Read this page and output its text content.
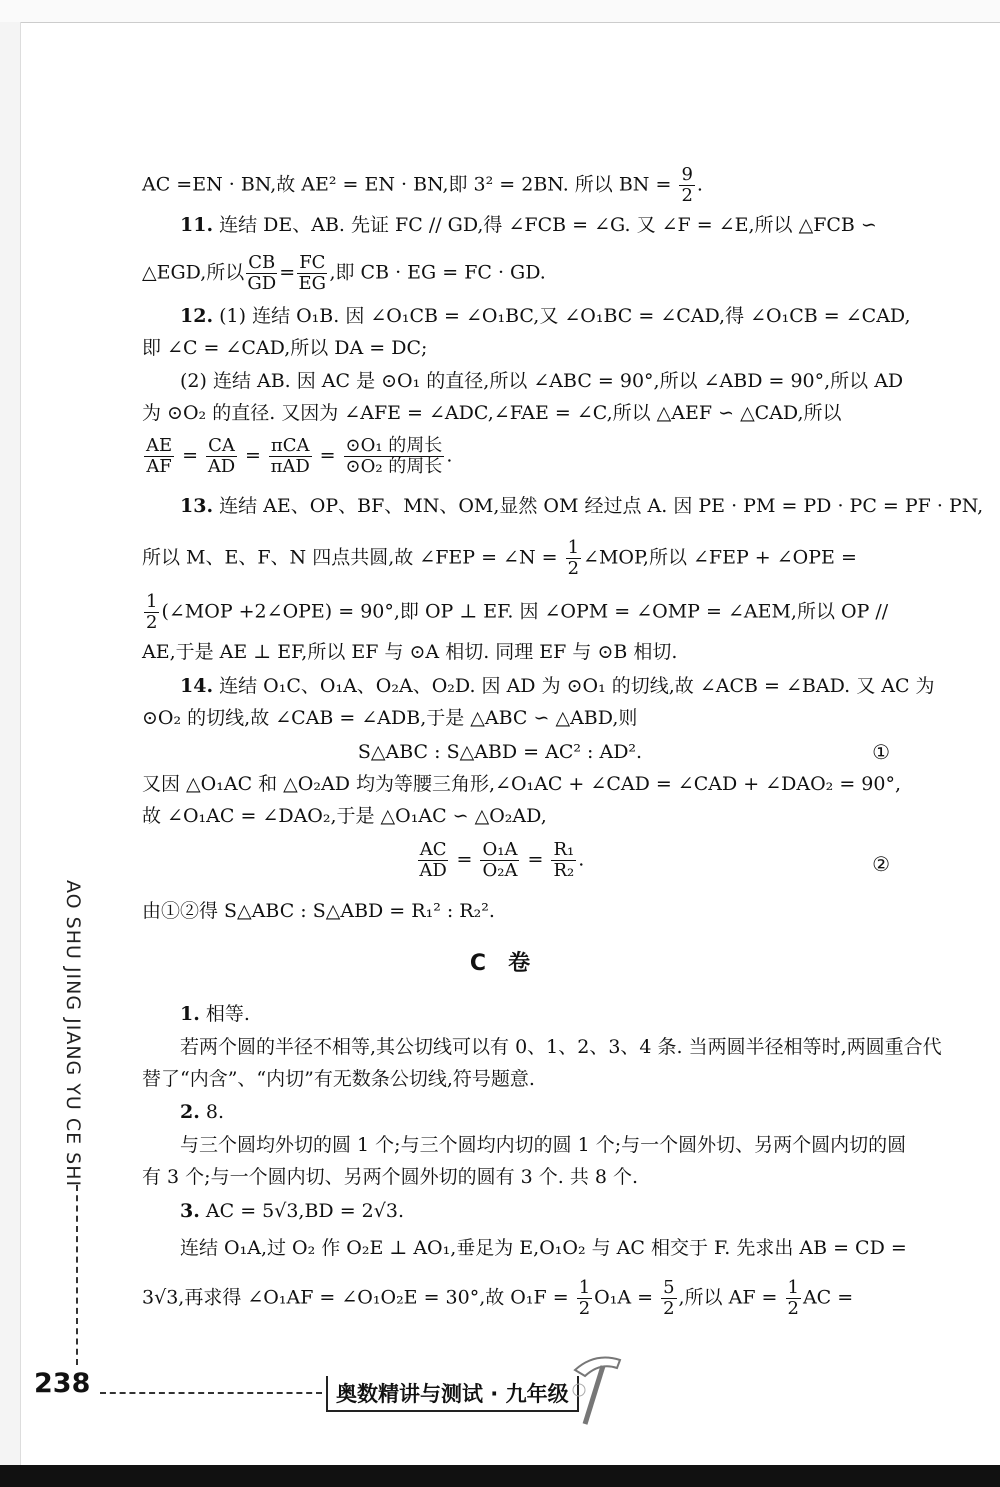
AC =EN · BN,故 AE² = EN · BN,即 3² = 2BN. 所以 BN = $\frac{9}{2}$ .
11. 连结 DE、AB. 先证 FC // GD,得 ∠FCB = ∠G. 又 ∠F = ∠E,所以 △FCB ∽
△EGD,所以 $\frac{CB}{GD} = \frac{FC}{EG}$ ,即 CB · EG = FC · GD.
12. (1) 连结 O₁B. 因 ∠O₁CB = ∠O₁BC,又 ∠O₁BC = ∠CAD,得 ∠O₁CB = ∠CAD,
即 ∠C = ∠CAD,所以 DA = DC;
(2) 连结 AB. 因 AC 是 ⊙O₁ 的直径,所以 ∠ABC = 90°,所以 ∠ABD = 90°,所以 AD
为 ⊙O₂ 的直径. 又因为 ∠AFE = ∠ADC,∠FAE = ∠C,所以 △AEF ∽ △CAD,所以
$\frac{AE}{AF} = \frac{CA}{AD} = \frac{\text{πCA}}{\text{πAD}} = \frac{\text{⊙O₁ 的周长}}{\text{⊙O₂ 的周长}}$ .
13. 连结 AE、OP、BF、MN、OM,显然 OM 经过点 A. 因 PE · PM = PD · PC = PF · PN,
所以 M、E、F、N 四点共圆,故 ∠FEP = ∠N = $\frac{1}{2}$ ∠MOP,所以 ∠FEP + ∠OPE =
$\frac{1}{2}$ (∠MOP +2∠OPE) = 90°,即 OP ⊥ EF. 因 ∠OPM = ∠OMP = ∠AEM,所以 OP //
AE,于是 AE ⊥ EF,所以 EF 与 ⊙A 相切. 同理 EF 与 ⊙B 相切.
14. 连结 O₁C、O₁A、O₂A、O₂D. 因 AD 为 ⊙O₁ 的切线,故 ∠ACB = ∠BAD. 又 AC 为
⊙O₂ 的切线,故 ∠CAB = ∠ADB,于是 △ABC ∽ △ABD,则
S△ABC : S△ABD = AC² : AD².	①
又因 △O₁AC 和 △O₂AD 均为等腰三角形,∠O₁AC + ∠CAD = ∠CAD + ∠DAO₂ = 90°,
故 ∠O₁AC = ∠DAO₂,于是 △O₁AC ∽ △O₂AD,
$\frac{AC}{AD} = \frac{\text{O₁A}}{\text{O₂A}} = \frac{\text{R₁}}{\text{R₂}}$ .	②
由①②得 S△ABC : S△ABD = R₁² : R₂².
C　卷
1. 相等.
若两个圆的半径不相等,其公切线可以有 0、1、2、3、4 条. 当两圆半径相等时,两圆重合代
替了“内含”、“内切”有无数条公切线,符号题意.
2. 8.
与三个圆均外切的圆 1 个;与三个圆均内切的圆 1 个;与一个圆外切、另两个圆内切的圆
有 3 个;与一个圆内切、另两个圆外切的圆有 3 个. 共 8 个.
3. AC = 5√3,BD = 2√3.
连结 O₁A,过 O₂ 作 O₂E ⊥ AO₁,垂足为 E,O₁O₂ 与 AC 相交于 F. 先求出 AB = CD =
3√3,再求得 ∠O₁AF = ∠O₁O₂E = 30°,故 $O_1F = \frac{1}{2} O_1A = \frac{5}{2}$ ,所以 AF = $\frac{1}{2}$ AC =
AO SHU JING JIANG YU CE SHI
238	奥数精讲与测试 · 九年级
